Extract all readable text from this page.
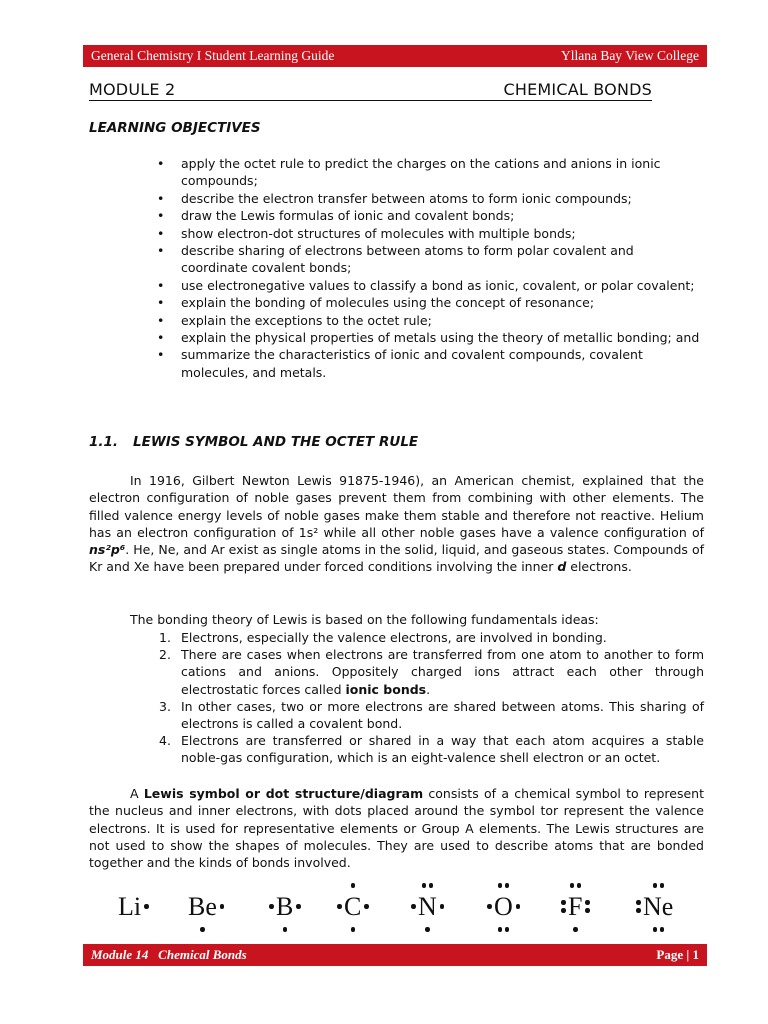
General Chemistry I Student Learning Guide	Yllana Bay View College
MODULE 2	CHEMICAL BONDS
LEARNING OBJECTIVES
• apply the octet rule to predict the charges on the cations and anions in ionic compounds;
• describe the electron transfer between atoms to form ionic compounds;
• draw the Lewis formulas of ionic and covalent bonds;
• show electron-dot structures of molecules with multiple bonds;
• describe sharing of electrons between atoms to form polar covalent and coordinate covalent bonds;
• use electronegative values to classify a bond as ionic, covalent, or polar covalent;
• explain the bonding of molecules using the concept of resonance;
• explain the exceptions to the octet rule;
• explain the physical properties of metals using the theory of metallic bonding; and
• summarize the characteristics of ionic and covalent compounds, covalent molecules, and metals.
1.1. LEWIS SYMBOL AND THE OCTET RULE

In 1916, Gilbert Newton Lewis 91875-1946), an American chemist, explained that the electron configuration of noble gases prevent them from combining with other elements. The filled valence energy levels of noble gases make them stable and therefore not reactive. Helium has an electron configuration of 1s² while all other noble gases have a valence configuration of ns²p⁶. He, Ne, and Ar exist as single atoms in the solid, liquid, and gaseous states. Compounds of Kr and Xe have been prepared under forced conditions involving the inner d electrons.

The bonding theory of Lewis is based on the following fundamentals ideas:

1. Electrons, especially the valence electrons, are involved in bonding.
2. There are cases when electrons are transferred from one atom to another to form cations and anions. Oppositely charged ions attract each other through electrostatic forces called ionic bonds.
3. In other cases, two or more electrons are shared between atoms. This sharing of electrons is called a covalent bond.
4. Electrons are transferred or shared in a way that each atom acquires a stable noble-gas configuration, which is an eight-valence shell electron or an octet.

A Lewis symbol or dot structure/diagram consists of a chemical symbol to represent the nucleus and inner electrons, with dots placed around the symbol tor represent the valence electrons. It is used for representative elements or Group A elements. The Lewis structures are not used to show the shapes of molecules. They are used to describe atoms that are bonded together and the kinds of bonds involved.

Li Be B C N O F Ne
Module 14   Chemical Bonds	Page | 1
